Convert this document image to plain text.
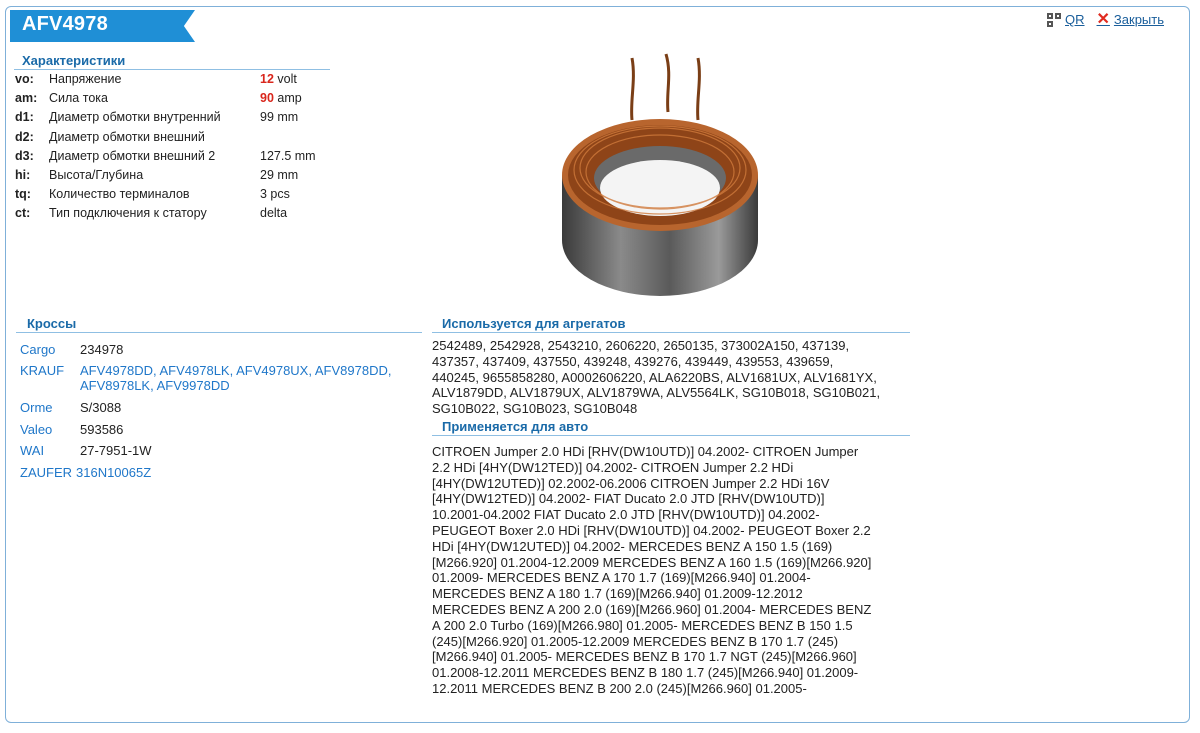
AFV4978	QR ✕ Закрыть
Характеристики
vo:	Напряжение	12 volt
am: Сила тока	90 amp
d1:	Диаметр обмотки внутренний	99 mm
d2:	Диаметр обмотки внешний
d3:	Диаметр обмотки внешний 2	127.5 mm
hi:	Высота/Глубина	29 mm
tq:	Количество терминалов	3 pcs
ct:	Тип подключения к статору	delta
Кроссы
Cargo	234978
KRAUF	AFV4978DD, AFV4978LK, AFV4978UX, AFV8978DD,
AFV8978LK, AFV9978DD
Orme	S/3088
Valeo	593586
WAI	27-7951-1W
ZAUFER 316N10065Z
Используется для агрегатов
2542489, 2542928, 2543210, 2606220, 2650135, 373002A150, 437139,
437357, 437409, 437550, 439248, 439276, 439449, 439553, 439659,
440245, 9655858280, A0002606220, ALA6220BS, ALV1681UX, ALV1681YX,
ALV1879DD, ALV1879UX, ALV1879WA, ALV5564LK, SG10B018, SG10B021,
SG10B022, SG10B023, SG10B048
Применяется для авто
CITROEN Jumper 2.0 HDi [RHV(DW10UTD)] 04.2002- CITROEN Jumper
2.2 HDi [4HY(DW12TED)] 04.2002- CITROEN Jumper 2.2 HDi
[4HY(DW12UTED)] 02.2002-06.2006 CITROEN Jumper 2.2 HDi 16V
[4HY(DW12TED)] 04.2002- FIAT Ducato 2.0 JTD [RHV(DW10UTD)]
10.2001-04.2002 FIAT Ducato 2.0 JTD [RHV(DW10UTD)] 04.2002-
PEUGEOT Boxer 2.0 HDi [RHV(DW10UTD)] 04.2002- PEUGEOT Boxer 2.2
HDi [4HY(DW12UTED)] 04.2002- MERCEDES BENZ A 150 1.5 (169)
[M266.920] 01.2004-12.2009 MERCEDES BENZ A 160 1.5 (169)[M266.920]
01.2009- MERCEDES BENZ A 170 1.7 (169)[M266.940] 01.2004-
MERCEDES BENZ A 180 1.7 (169)[M266.940] 01.2009-12.2012
MERCEDES BENZ A 200 2.0 (169)[M266.960] 01.2004- MERCEDES BENZ
A 200 2.0 Turbo (169)[M266.980] 01.2005- MERCEDES BENZ B 150 1.5
(245)[M266.920] 01.2005-12.2009 MERCEDES BENZ B 170 1.7 (245)
[M266.940] 01.2005- MERCEDES BENZ B 170 1.7 NGT (245)[M266.960]
01.2008-12.2011 MERCEDES BENZ B 180 1.7 (245)[M266.940] 01.2009-
12.2011 MERCEDES BENZ B 200 2.0 (245)[M266.960] 01.2005-
